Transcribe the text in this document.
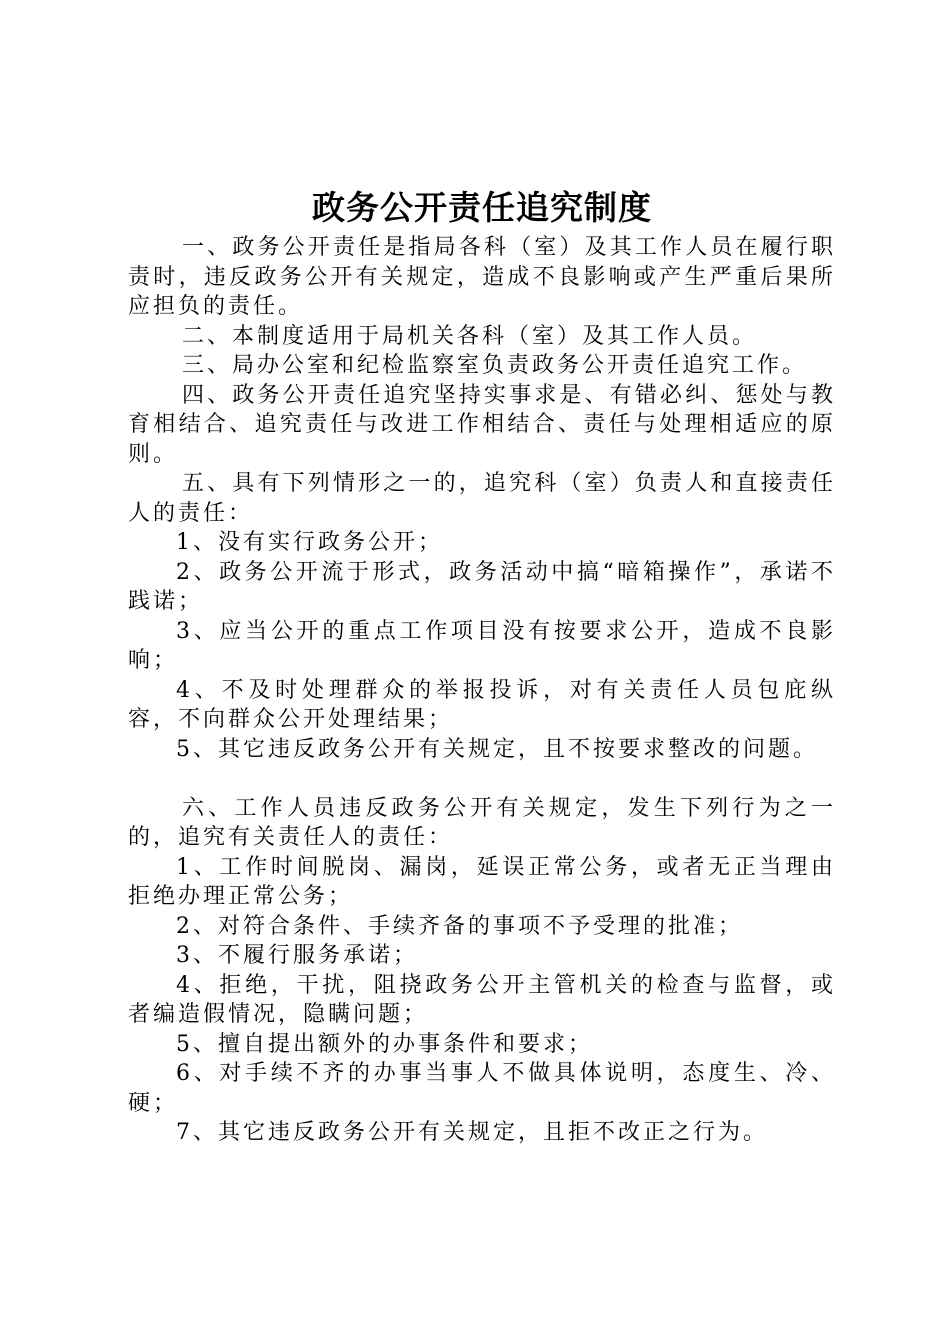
政务公开责任追究制度

一、政务公开责任是指局各科（室）及其工作人员在履行职责时，违反政务公开有关规定，造成不良影响或产生严重后果所应担负的责任。

二、本制度适用于局机关各科（室）及其工作人员。

三、局办公室和纪检监察室负责政务公开责任追究工作。

四、政务公开责任追究坚持实事求是、有错必纠、惩处与教育相结合、追究责任与改进工作相结合、责任与处理相适应的原则。

五、具有下列情形之一的，追究科（室）负责人和直接责任人的责任：

1、没有实行政务公开；

2、政务公开流于形式，政务活动中搞“暗箱操作”，承诺不践诺；

3、应当公开的重点工作项目没有按要求公开，造成不良影响；

4、不及时处理群众的举报投诉，对有关责任人员包庇纵容，不向群众公开处理结果；

5、其它违反政务公开有关规定，且不按要求整改的问题。

六、工作人员违反政务公开有关规定，发生下列行为之一的，追究有关责任人的责任：

1、工作时间脱岗、漏岗，延误正常公务，或者无正当理由拒绝办理正常公务；

2、对符合条件、手续齐备的事项不予受理的批准；

3、不履行服务承诺；

4、拒绝，干扰，阻挠政务公开主管机关的检查与监督，或者编造假情况，隐瞒问题；

5、擅自提出额外的办事条件和要求；

6、对手续不齐的办事当事人不做具体说明，态度生、冷、硬；

7、其它违反政务公开有关规定，且拒不改正之行为。
